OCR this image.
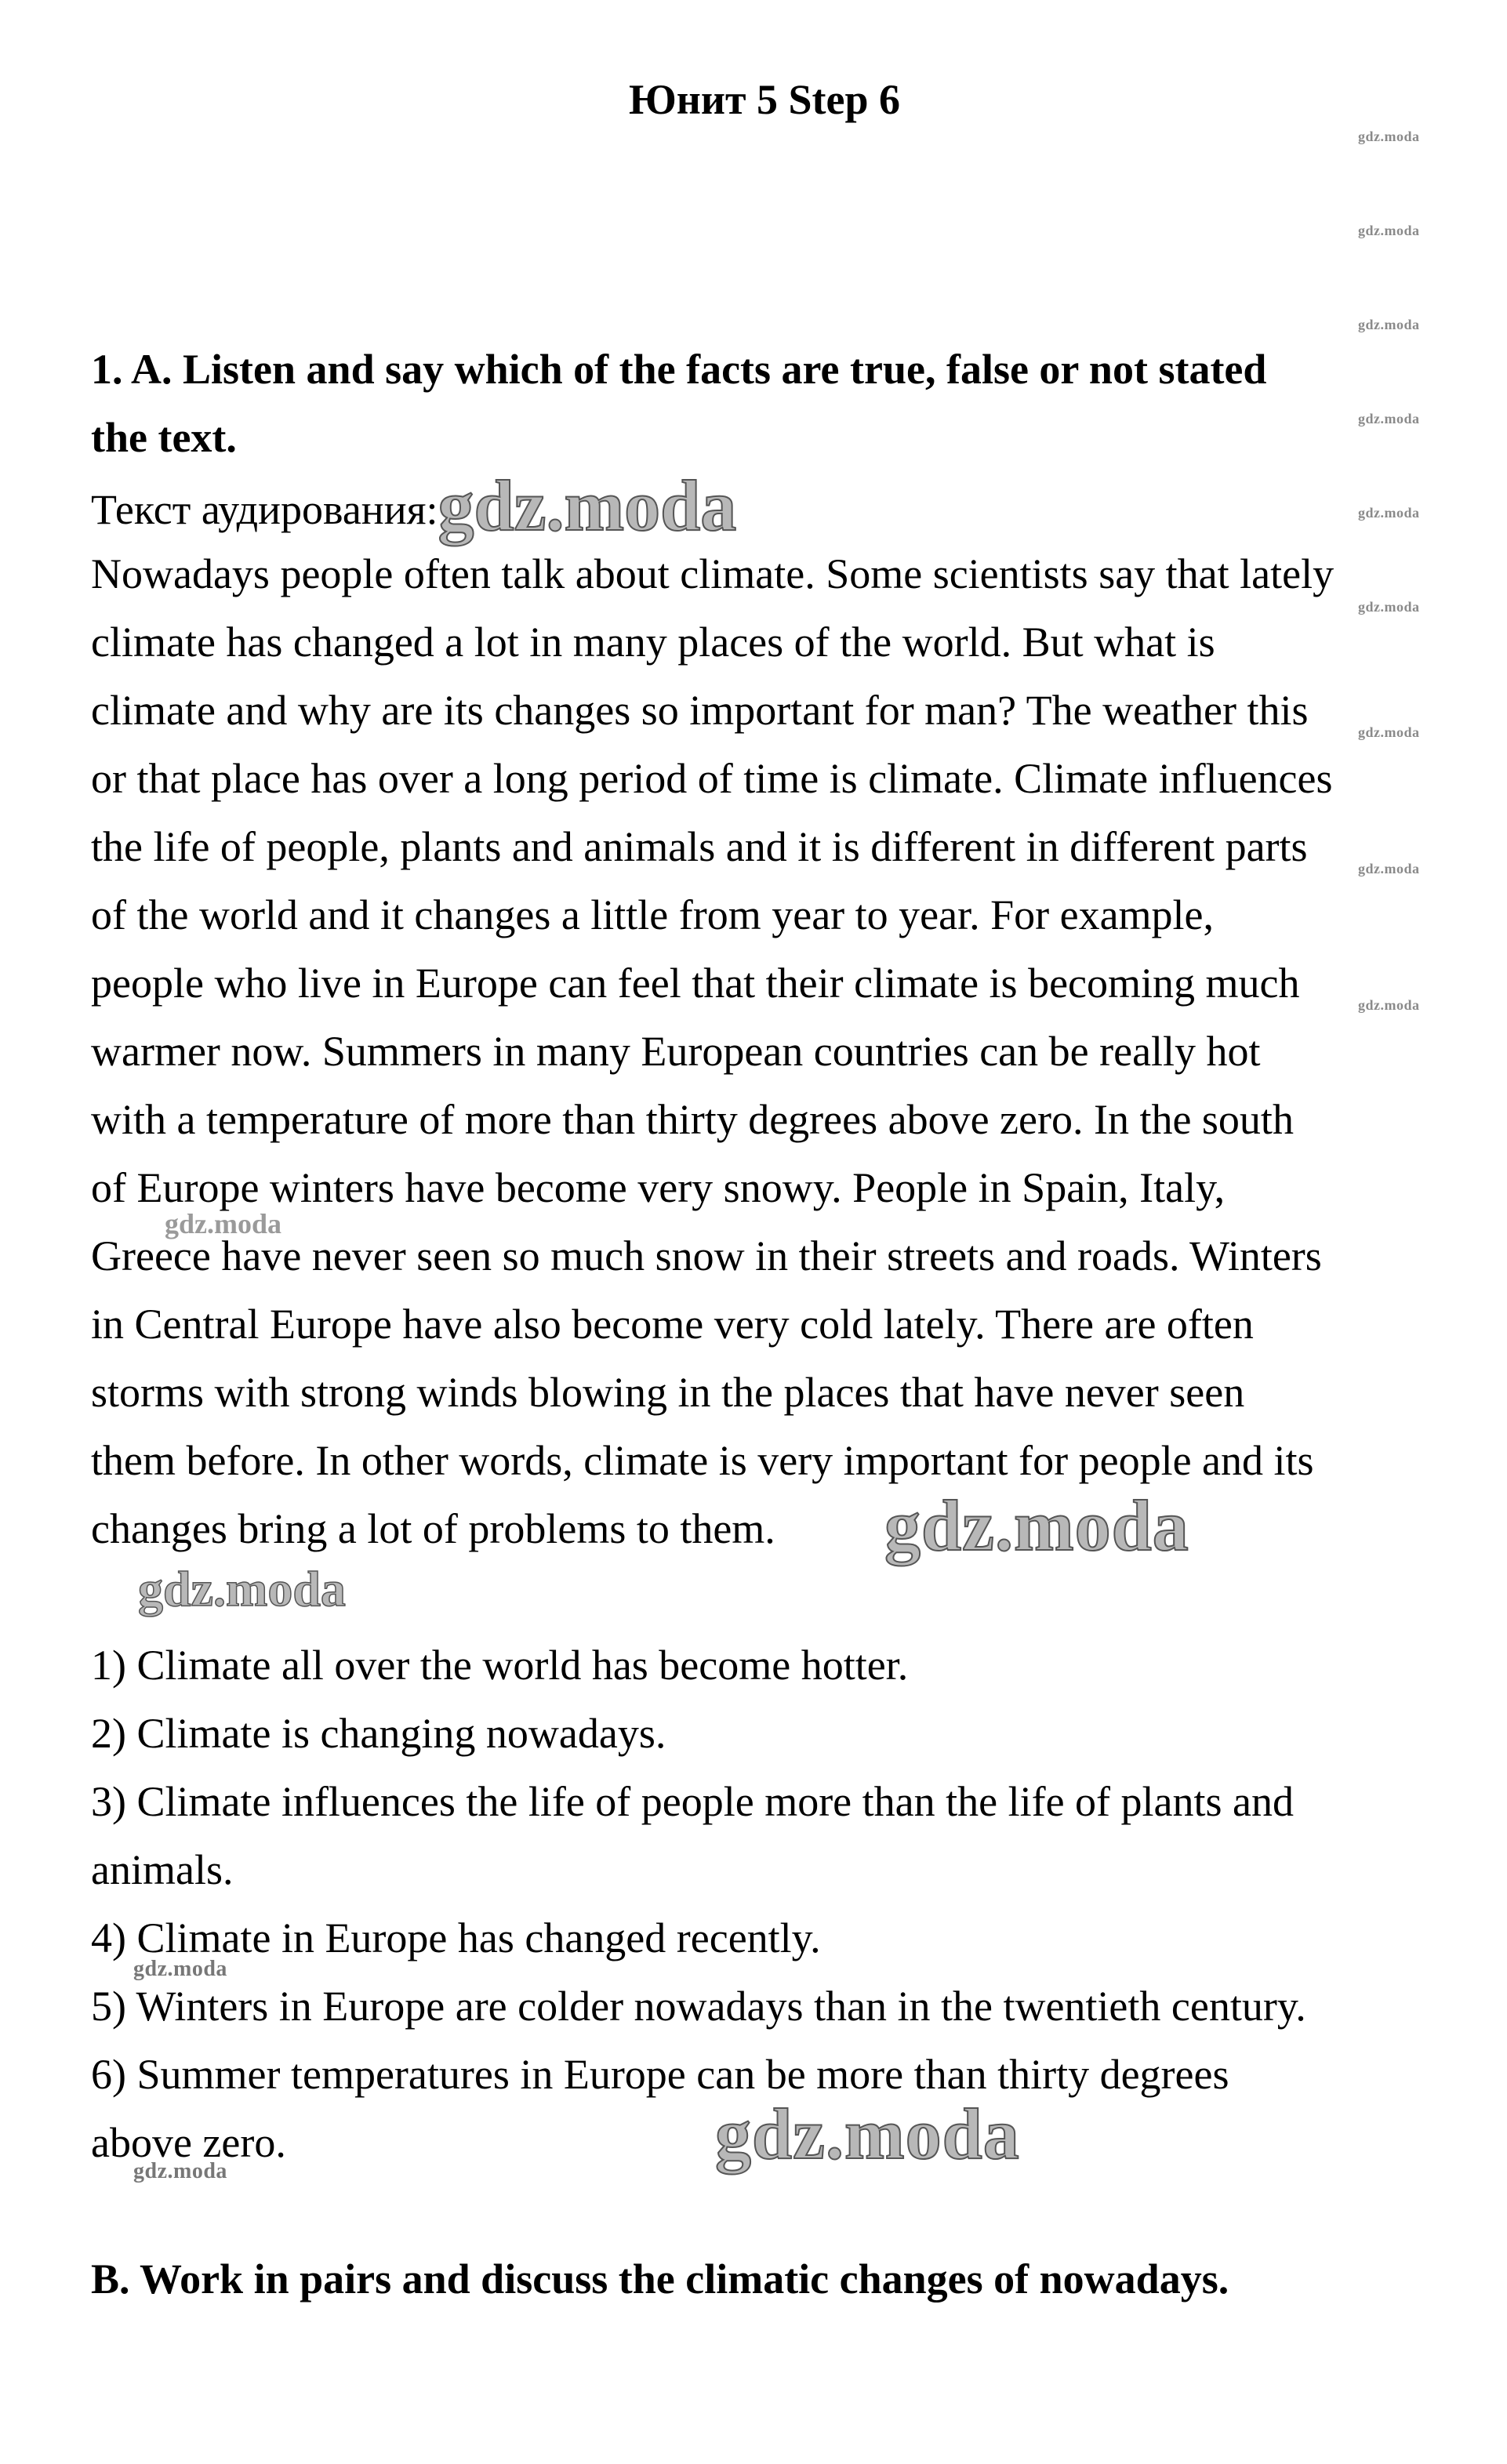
Юнит 5 Step 6
gdz.moda
gdz.moda
gdz.moda
gdz.moda
gdz.moda
gdz.moda
gdz.moda
gdz.moda
gdz.moda
1. A. Listen and say which of the facts are true, false or not stated
the text.
Текст аудирования:gdz.moda
Nowadays people often talk about climate. Some scientists say that lately
climate has changed a lot in many places of the world. But what is
climate and why are its changes so important for man? The weather this
or that place has over a long period of time is climate. Climate influences
the life of people, plants and animals and it is different in different parts
of the world and it changes a little from year to year. For example,
people who live in Europe can feel that their climate is becoming much
warmer now. Summers in many European countries can be really hot
with a temperature of more than thirty degrees above zero. In the south
of Europe winters have become very snowy. People in Spain, Italy,
Greece have never seen so much snow in their streets and roads. Winters
in Central Europe have also become very cold lately. There are often
storms with strong winds blowing in the places that have never seen
them before. In other words, climate is very important for people and its
changes bring a lot of problems to them.
gdz.moda
gdz.moda
gdz.moda
1) Climate all over the world has become hotter.
2) Climate is changing nowadays.
3) Climate influences the life of people more than the life of plants and
animals.
4) Climate in Europe has changed recently.
5) Winters in Europe are colder nowadays than in the twentieth century.
6) Summer temperatures in Europe can be more than thirty degrees
above zero.
gdz.moda
gdz.moda	gdz.moda
B. Work in pairs and discuss the climatic changes of nowadays.
